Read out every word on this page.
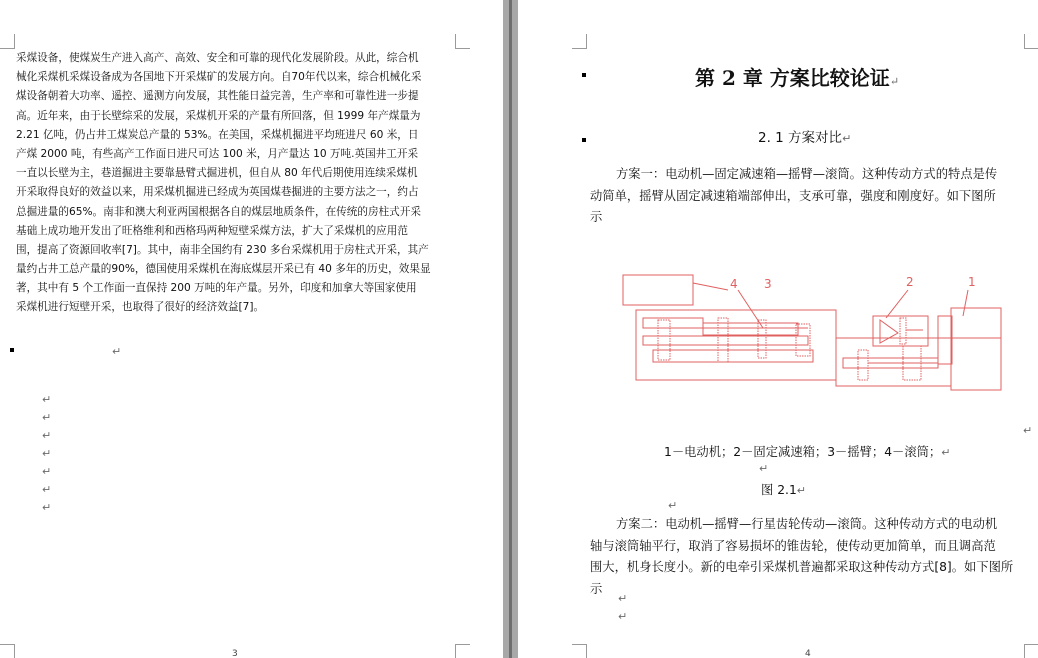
采煤设备，使煤炭生产进入高产、高效、安全和可靠的现代化发展阶段。从此，综合机
械化采煤机采煤设备成为各国地下开采煤矿的发展方向。自70年代以来，综合机械化采
煤设备朝着大功率、遥控、遥测方向发展，其性能日益完善，生产率和可靠性进一步提
高。近年来，由于长壁综采的发展，采煤机开采的产量有所回落，但 1999 年产煤量为
2.21 亿吨，仍占井工煤炭总产量的 53%。在美国，采煤机掘进平均班进尺 60 米，日
产煤 2000 吨，有些高产工作面日进尺可达 100 米，月产量达 10 万吨.英国井工开采
一直以长壁为主，巷道掘进主要靠悬臂式掘进机，但自从 80 年代后期使用连续采煤机
开采取得良好的效益以来，用采煤机掘进已经成为英国煤巷掘进的主要方法之一，约占
总掘进量的65%。南非和澳大利亚两国根据各自的煤层地质条件，在传统的房柱式开采
基础上成功地开发出了旺格维利和西格玛两种短壁采煤方法，扩大了采煤机的应用范
围，提高了资源回收率[7]。其中，南非全国约有 230 多台采煤机用于房柱式开采，其产
量约占井工总产量的90%，德国使用采煤机在海底煤层开采已有 40 多年的历史，效果显
著，其中有 5 个工作面一直保持 200 万吨的年产量。另外，印度和加拿大等国家使用
采煤机进行短壁开采，也取得了很好的经济效益[7]。
↵
↵
↵
↵
↵
↵
↵
↵
3
第 2 章 方案比较论证↵
2. 1 方案对比↵
方案一：电动机—固定减速箱—摇臂—滚筒。这种传动方式的特点是传
动简单，摇臂从固定减速箱端部伸出，支承可靠，强度和刚度好。如下图所
示
4 3	2	1
↵
1－电动机；2－固定减速箱；3－摇臂；4－滚筒；↵
↵
图 2.1↵
↵
方案二：电动机—摇臂—行星齿轮传动—滚筒。这种传动方式的电动机
轴与滚筒轴平行，取消了容易损坏的锥齿轮，使传动更加简单，而且调高范
围大，机身长度小。新的电牵引采煤机普遍都采取这种传动方式[8]。如下图所
示
↵
↵
4
